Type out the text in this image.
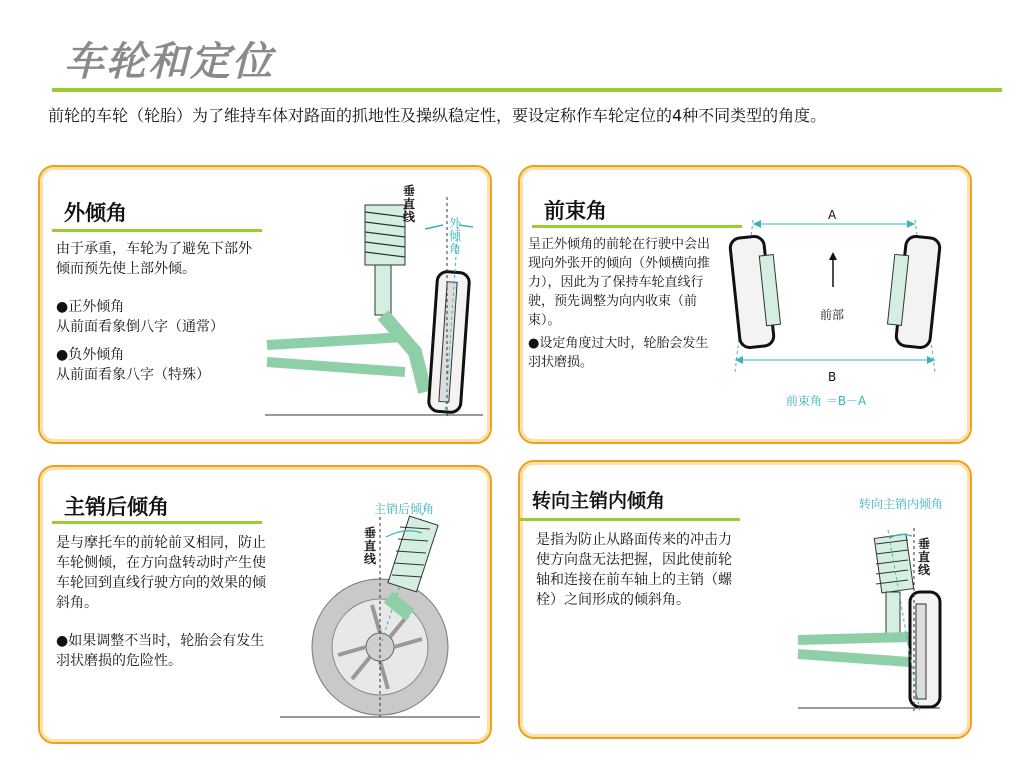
车轮和定位
前轮的车轮（轮胎）为了维持车体对路面的抓地性及操纵稳定性，要设定称作车轮定位的4种不同类型的角度。
外倾角

由于承重，车轮为了避免下部外倾而预先使上部外倾。

●正外倾角

从前面看象倒八字（通常）

●负外倾角

从前面看象八字（特殊）

垂直线	外倾角
前束角

呈正外倾角的前轮在行驶中会出现向外张开的倾向（外倾横向推力），因此为了保持车轮直线行驶，预先调整为向内收束（前束）。

●设定角度过大时，轮胎会发生羽状磨损。

A
前部
B
前束角 ＝B－A
主销后倾角

是与摩托车的前轮前叉相同，防止车轮侧倾，在方向盘转动时产生使车轮回到直线行驶方向的效果的倾斜角。

●如果调整不当时，轮胎会有发生羽状磨损的危险性。

垂直线
主销后倾角	转向主销内倾角

是指为防止从路面传来的冲击力使方向盘无法把握，因此使前轮轴和连接在前车轴上的主销（螺栓）之间形成的倾斜角。

转向主销内倾角
垂直线
